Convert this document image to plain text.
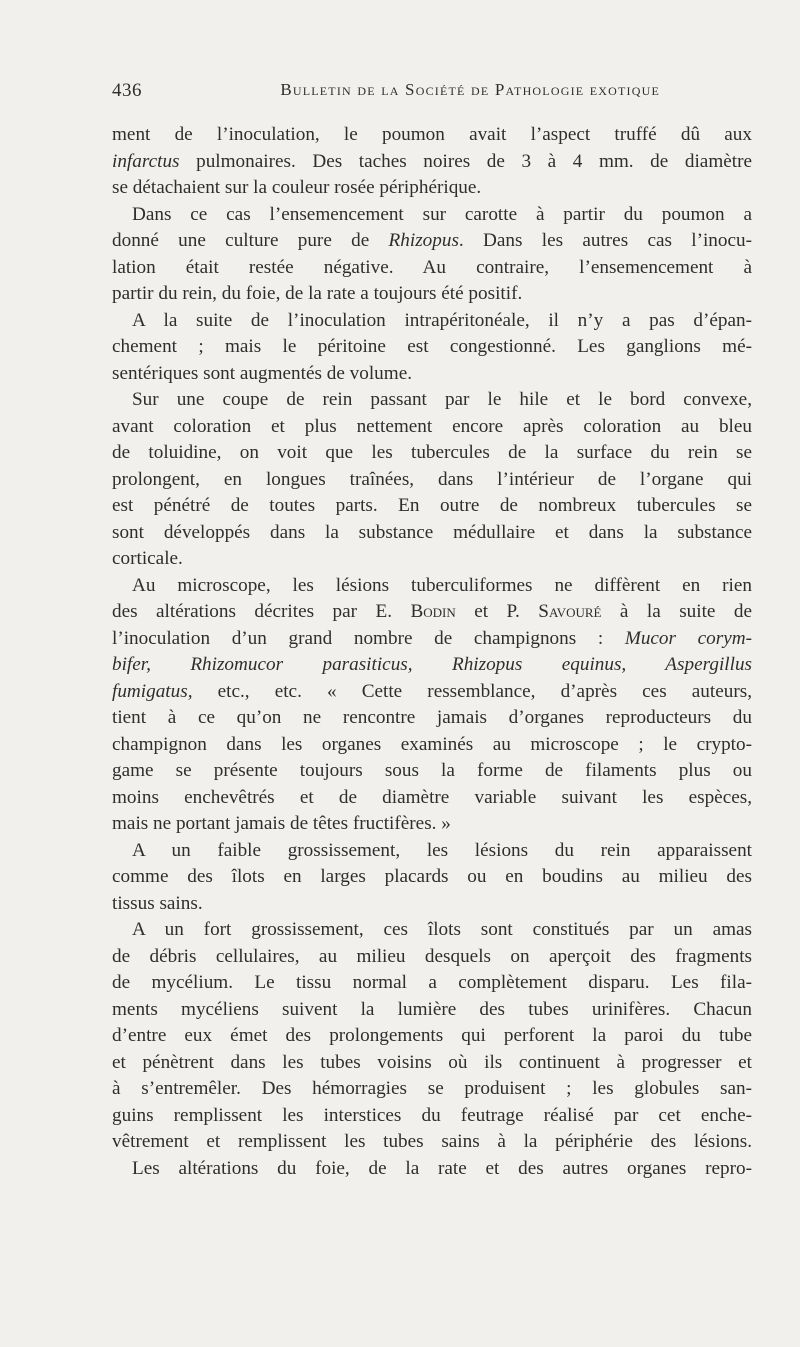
436	Bulletin de la Société de Pathologie exotique
ment de l’inoculation, le poumon avait l’aspect truffé dû aux
infarctus pulmonaires. Des taches noires de 3 à 4 mm. de diamètre
se détachaient sur la couleur rosée périphérique.
Dans ce cas l’ensemencement sur carotte à partir du poumon a
donné une culture pure de Rhizopus. Dans les autres cas l’inocu-
lation était restée négative. Au contraire, l’ensemencement à
partir du rein, du foie, de la rate a toujours été positif.
A la suite de l’inoculation intrapéritonéale, il n’y a pas d’épan-
chement ; mais le péritoine est congestionné. Les ganglions mé-
sentériques sont augmentés de volume.
Sur une coupe de rein passant par le hile et le bord convexe,
avant coloration et plus nettement encore après coloration au bleu
de toluidine, on voit que les tubercules de la surface du rein se
prolongent, en longues traînées, dans l’intérieur de l’organe qui
est pénétré de toutes parts. En outre de nombreux tubercules se
sont développés dans la substance médullaire et dans la substance
corticale.
Au microscope, les lésions tuberculiformes ne diffèrent en rien
des altérations décrites par E. Bodin et P. Savouré à la suite de
l’inoculation d’un grand nombre de champignons : Mucor corym-
bifer, Rhizomucor parasiticus, Rhizopus equinus, Aspergillus
fumigatus, etc., etc. « Cette ressemblance, d’après ces auteurs,
tient à ce qu’on ne rencontre jamais d’organes reproducteurs du
champignon dans les organes examinés au microscope ; le crypto-
game se présente toujours sous la forme de filaments plus ou
moins enchevêtrés et de diamètre variable suivant les espèces,
mais ne portant jamais de têtes fructifères. »
A un faible grossissement, les lésions du rein apparaissent
comme des îlots en larges placards ou en boudins au milieu des
tissus sains.
A un fort grossissement, ces îlots sont constitués par un amas
de débris cellulaires, au milieu desquels on aperçoit des fragments
de mycélium. Le tissu normal a complètement disparu. Les fila-
ments mycéliens suivent la lumière des tubes urinifères. Chacun
d’entre eux émet des prolongements qui perforent la paroi du tube
et pénètrent dans les tubes voisins où ils continuent à progresser et
à s’entremêler. Des hémorragies se produisent ; les globules san-
guins remplissent les interstices du feutrage réalisé par cet enche-
vêtrement et remplissent les tubes sains à la périphérie des lésions.
Les altérations du foie, de la rate et des autres organes repro-
